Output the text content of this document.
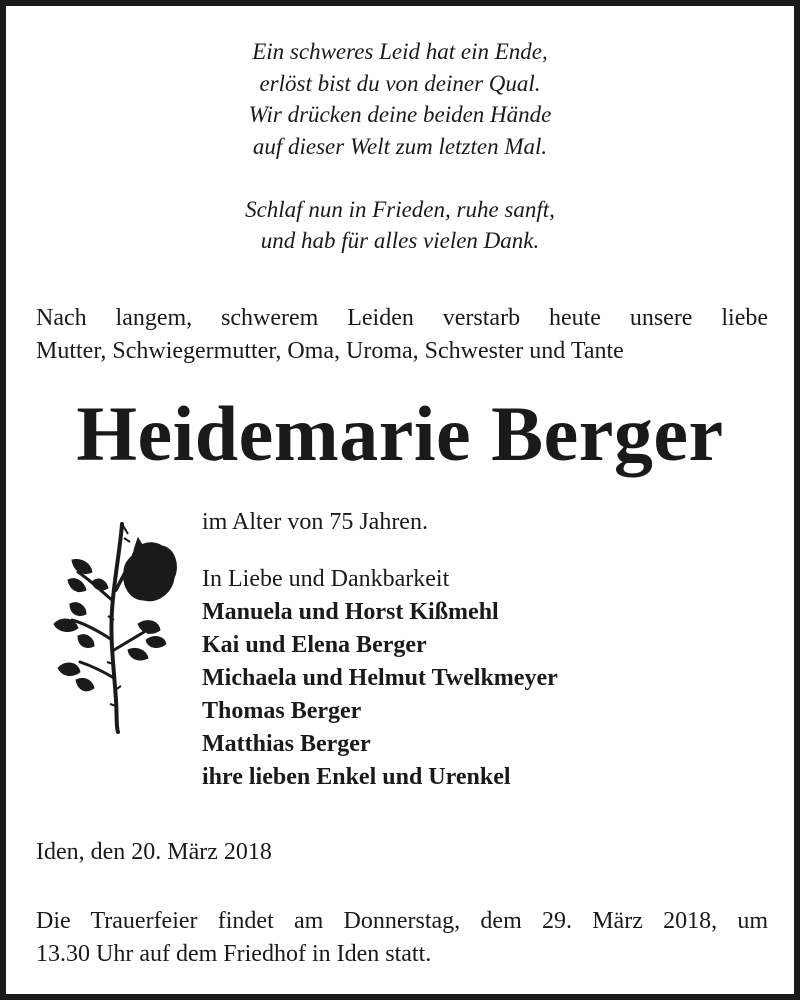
Ein schweres Leid hat ein Ende,
erlöst bist du von deiner Qual.
Wir drücken deine beiden Hände
auf dieser Welt zum letzten Mal.
Schlaf nun in Frieden, ruhe sanft,
und hab für alles vielen Dank.
Nach langem, schwerem Leiden verstarb heute unsere liebe
Mutter, Schwiegermutter, Oma, Uroma, Schwester und Tante
Heidemarie Berger
im Alter von 75 Jahren.
In Liebe und Dankbarkeit
Manuela und Horst Kißmehl
Kai und Elena Berger
Michaela und Helmut Twelkmeyer
Thomas Berger
Matthias Berger
ihre lieben Enkel und Urenkel
Iden, den 20. März 2018
Die Trauerfeier findet am Donnerstag, dem 29. März 2018, um
13.30 Uhr auf dem Friedhof in Iden statt.
